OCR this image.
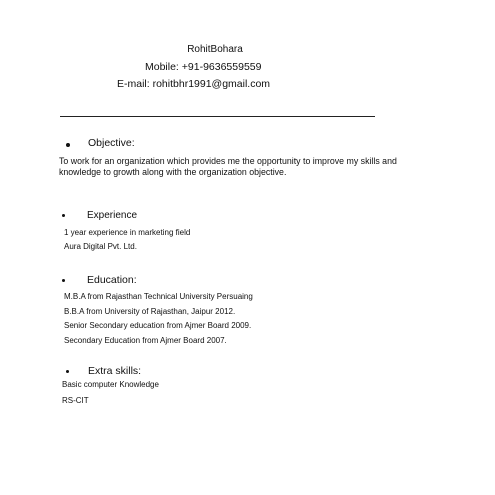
RohitBohara
Mobile: +91-9636559559
E-mail: rohitbhr1991@gmail.com
Objective:
To work for an organization which provides me the opportunity to improve my skills and knowledge to growth along with the organization objective.
Experience
1 year experience in marketing field
Aura Digital Pvt. Ltd.
Education:
M.B.A from Rajasthan Technical University Persuaing
B.B.A from University of Rajasthan, Jaipur 2012.
Senior Secondary education from Ajmer Board 2009.
Secondary Education from Ajmer Board 2007.
Extra skills:
Basic computer Knowledge
RS-CIT
